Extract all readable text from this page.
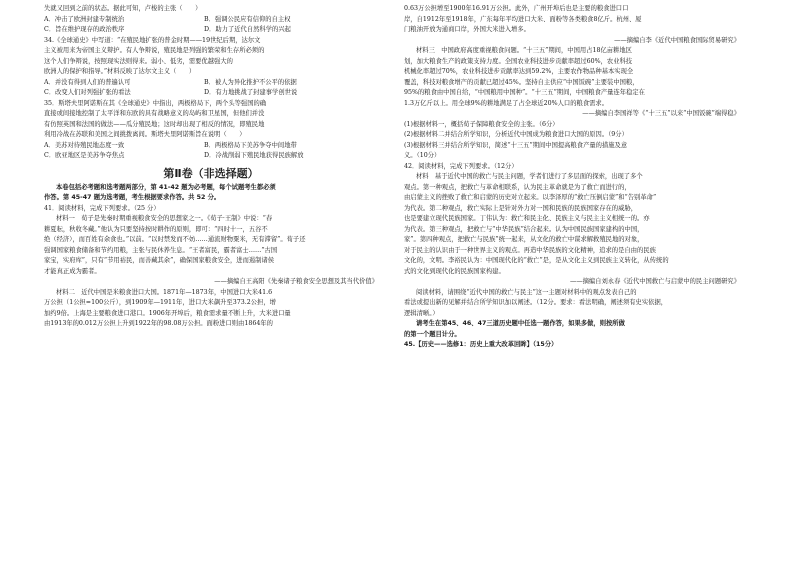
失就又回到之前的状态。据此可知，卢梭的主张（　　）
A．冲击了欧洲封建专制统治	B．强调公民应有信仰的自主权
C．旨在维护现存的政治秩序	D．助力了近代自然科学的兴起
34.《全球通史》中写道：“在殖民地扩张的普金时期——19世纪后期，达尔文
主义被用来为帝国主义辩护。有人争辩说，殖民地是列强的繁荣和生存所必须的
这个人们争辩说，按照现实法则得来。弱小、低劣，需要优越强大的
欧洲人的保护和指导。”材料反映了达尔文主义（　　）
A．并没有得到人们的普遍认可	B．被人为异化推护不公平的依据
C．改变人们对列强扩张的看法	D．有力地挑战了封建事学创世说
35．斯塔夫里阿诺斯在其《全球通史》中指出，两极格局下，两个头等强国的确
直接或间接地控制了太平洋和东欧的具有战略意义的岛屿和卫星国，但他们并没
有仿照英国和法国的做法——瓜分殖民地；这时却出现了相反的情况，即殖民地
利用冷战在苏联和美国之间挑拨离间。斯塔夫里阿诺斯旨在说明（　　）
A．美苏对待殖民地态度一致	B．两极格局下美苏争夺中间地带
C．欧亚地区是美苏争夺焦点	D．冷战削弱下殖民地获得民族解放
第Ⅱ卷（非选择题）
本卷包括必考题和选考题两部分，第 41-42 题为必考题，每个试题考生都必须
作答。第 45-47 题为选考题，考生根据要求作答。共 52 分。
41．阅读材料，完成下列要求。（25 分）
材料一　荀子是先秦时期重视粮食安全的思想家之一。《荀子·王制》中说：“春
耕夏耘，秋收冬藏。”他认为只要坚持按时耕作的原则，即可：“四时十一，五谷不
绝（经济），而百姓有余食也。”以前。“以时禁发而不妨……通流财物粟米，无有滞留”。荀子还
强调国家粮食储备和节约用粮，主张与民休养生息。“王者富民，霸者富士……”古国
家宝，实府库”，只有“节用裕民，而善藏其余”，确保国家粮食安全，进而遏制诸侯
才能真正成为霸者。
——摘编自王高阳《先秦诸子粮食安全思想及其当代价值》
材料二　近代中国是米粮食进口大国。1871年—1873年，中国进口大米41.6
万公担（1公担=100公斤），到1909年—1911年，进口大米飙升至373.2公担，增
加约9倍。上海是主要粮食进口港口。1906年开埠后，粮食需求量不断上升，大米进口量
由1913年的0.012万公担上升到1922年的98.08万公担。面粉进口则由1864年的
0.63万公担增至1900年16.91万公担。此外，广州开埠后也是主要的粮食进口口
岸，自1912年至1918年，广东每年平均进口大米、面粉等各类粮食8亿斤。杭州、厦
门粮油开放为通商口岸，外国大米进入增多。
——摘编自李《近代中国粮食国际贸易研究》
材料三　中国政府高度重视粮食问题。“十三五”期间，中国用占18亿亩耕地区
划，加大粮食生产的政策支持力度。全国农业科技进步贡献率超过60%，农业科技
机械化率超过70%，农业科技进步贡献率达到59.2%，主要农作物品种基本实现全
覆盖，科技对粮食增产的贡献已超过45%。坚持自主供应“中国饭碗”主要装中国粮，
95%的粮食由中国自给，“中国粮用中国种”。“十三五”期间，中国粮食产量连年稳定在
1.3万亿斤以上。用全球9%的耕地满足了占全球近20%人口的粮食需求。
——摘编自李国祥等《“十三五”以来“中国饭碗”端得稳》
(1)根据材料一，概括荀子保障粮食安全的主张。（6分）
(2)根据材料二并结合所学知识，分析近代中国成为粮食进口大国的原因。（9分）
(3)根据材料三并结合所学知识，简述“十三五”期间中国提高粮食产量的措施及意
义。（10分）
42．阅读材料，完成下列要求。（12分）
材料　基于近代中国的救亡与民主问题，学者们进行了多层面的探索，出现了多个
观点。第一种观点，把救亡与革命相联系，认为民主革命就是为了救亡而进行的，
由启蒙主义的挫败了救亡和启蒙的历史对立起来。以李泽厚的“救亡压倒启蒙”和“告别革命”
为代表。第二种观点，救亡实际上是针对外力对一国和民族的民族国家存在的威胁，
也是要建立现代民族国家。丁伟认为：救亡和民主化、民族主义与民主主义相统一的。亦
为代表。第三种观点，把救亡与“中华民族”结合起来。认为中国民族国家建构的中国，
家”。第四种观点，把救亡与民族”统一起来，从文化的救亡中谋求解救殖民地的对象，
对于民主的认识由于一种世界主义的观点。再造中华民族的文化精神，追求的是自由的民族
文化的，文明。李裕民认为：中国现代化的“救亡”是，是从文化主义到民族主义转化，从传统的
式的文化到现代化的民族国家构建。
——摘编自刘永春《近代中国救亡与启蒙中的民主问题研究》
阅读材料，请围绕“近代中国的救亡与民主”这一主题对材料中的观点发表自己的
看法或提出新的见解并结合所学知识加以阐述。（12分。要求：看法明确，阐述须有史实依据，
逻辑清晰。）
请考生在第45、46、47三道历史题中任选一题作答，如果多做，则按所做
的第一个题目计分。
45.【历史——选修1：历史上重大改革回眸】（15分）
